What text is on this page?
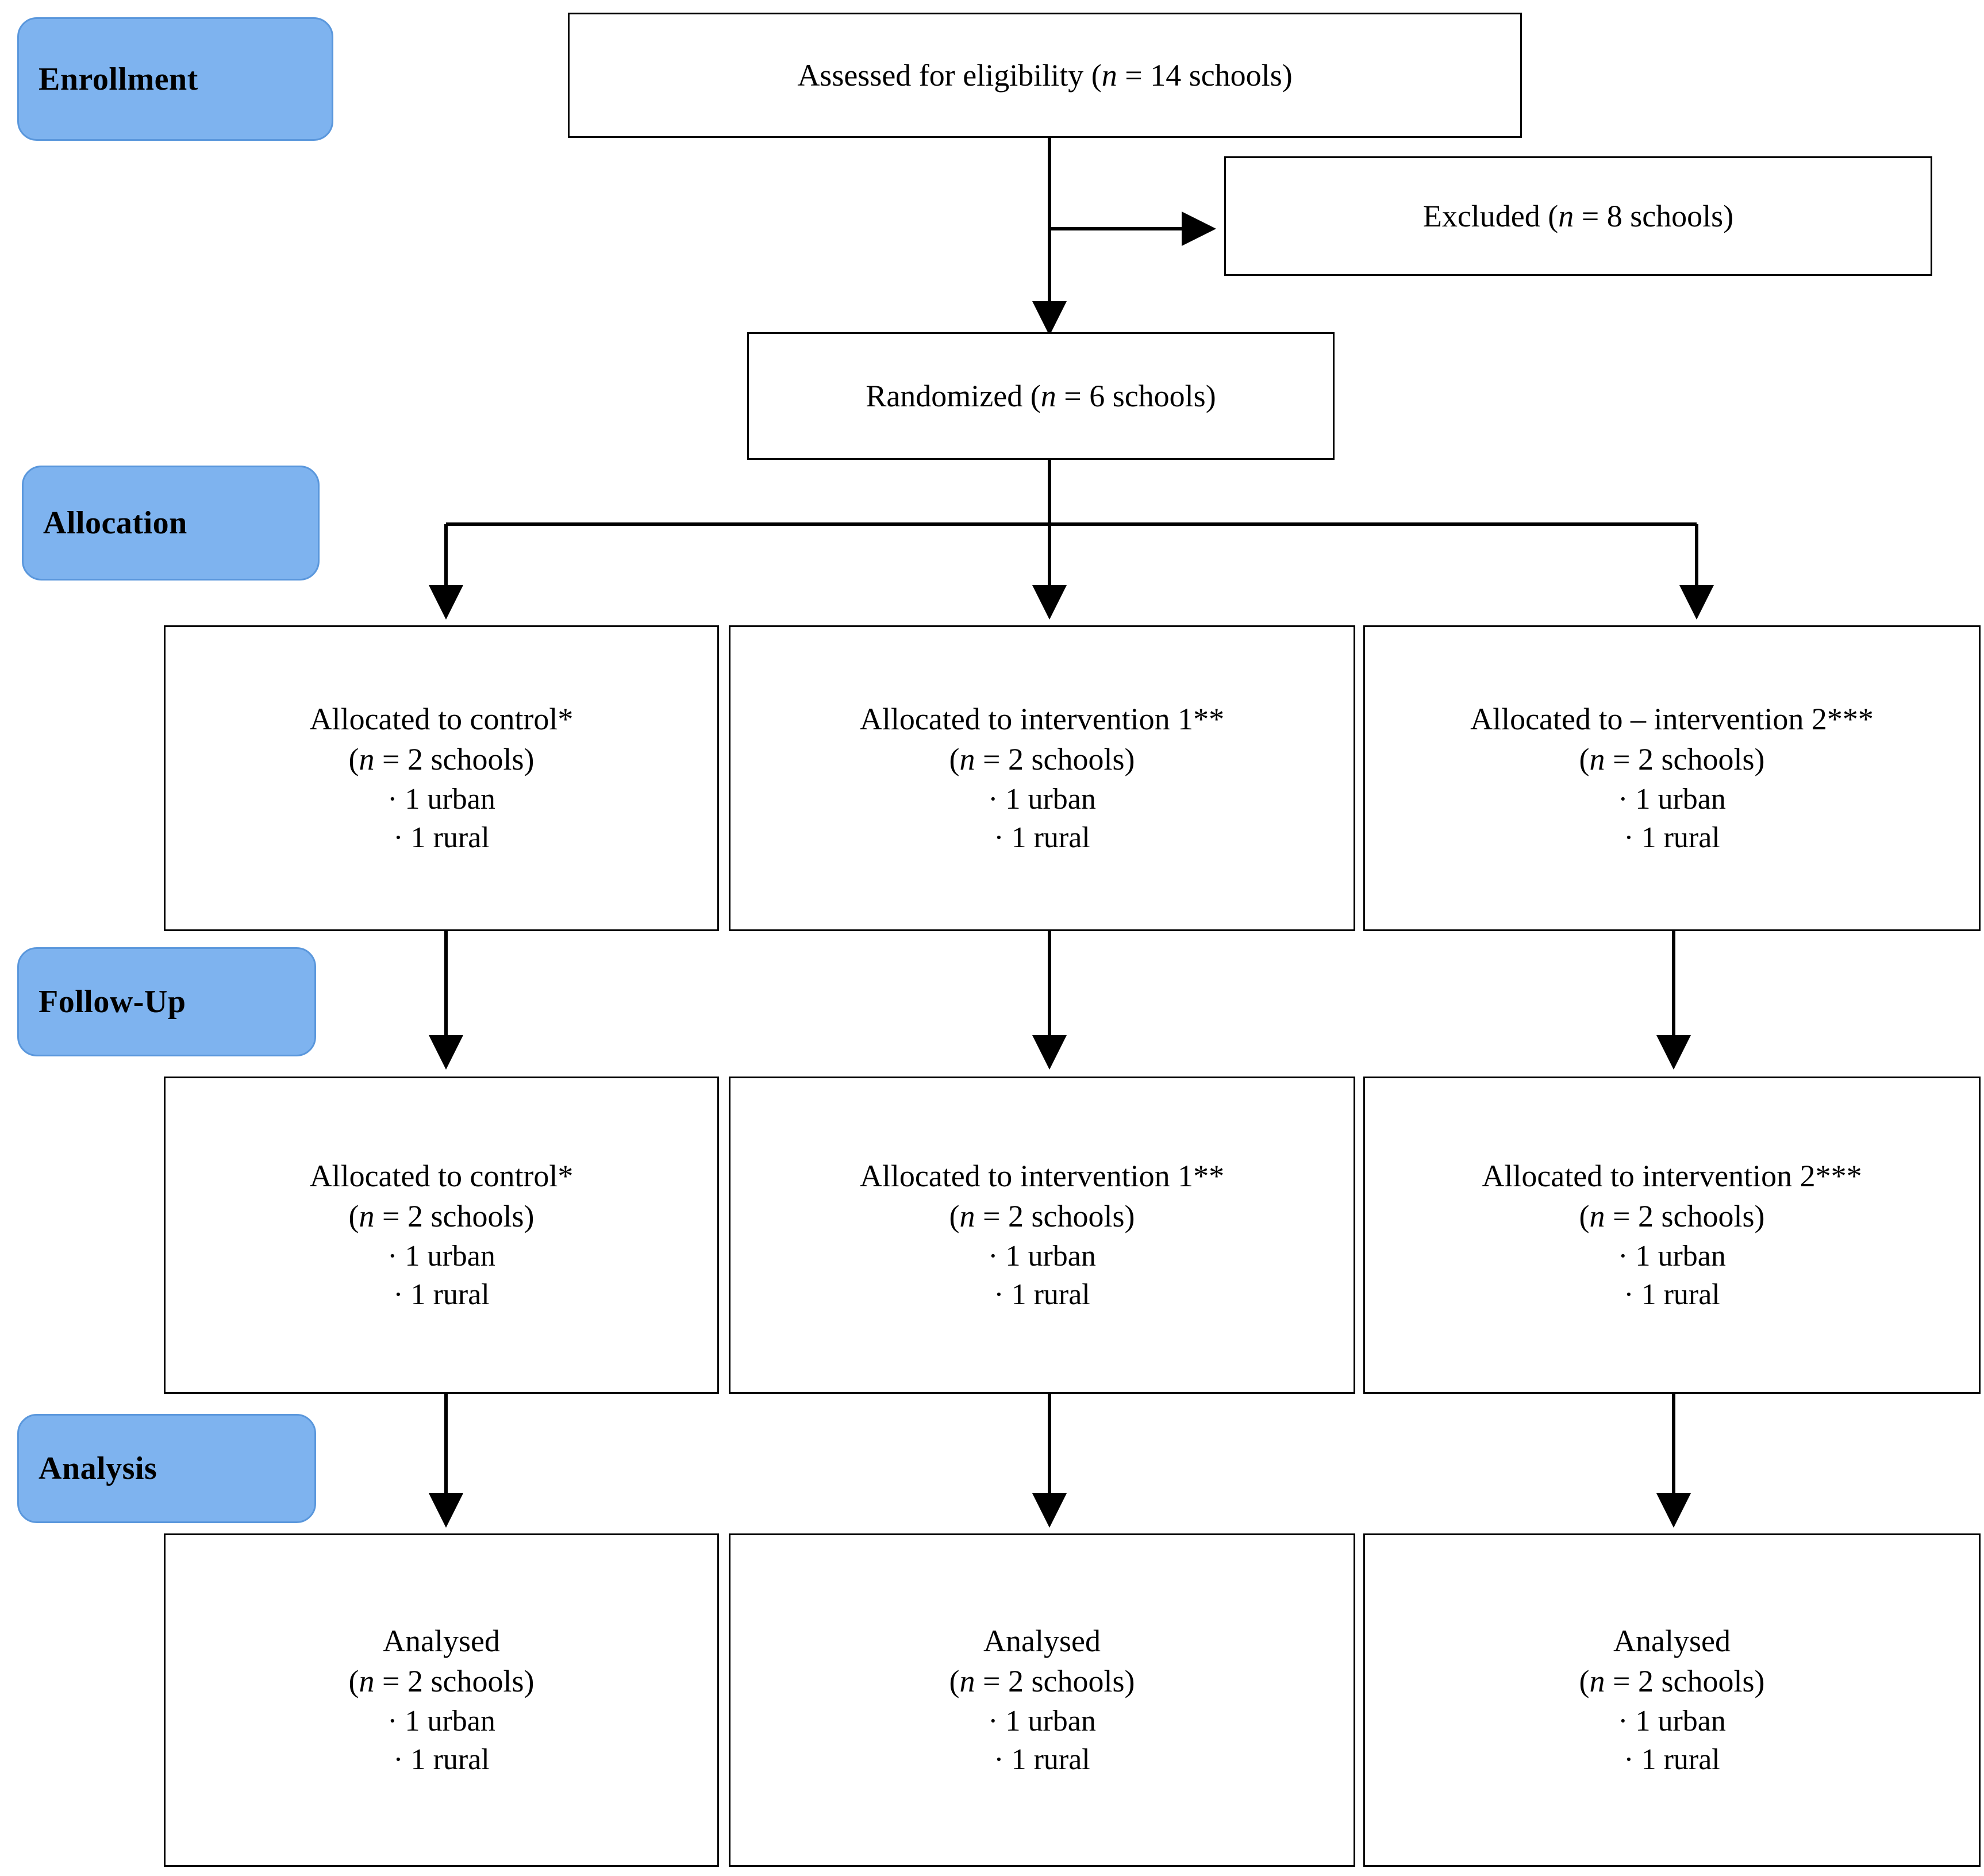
Enrollment
Allocation
Follow-Up
Analysis
Assessed for eligibility (n = 14 schools)
Excluded (n = 8 schools)
Randomized (n = 6 schools)
Allocated to control*
(n = 2 schools)
· 1 urban
· 1 rural
Allocated to intervention 1**
(n = 2 schools)
· 1 urban
· 1 rural
Allocated to – intervention 2***
(n = 2 schools)
· 1 urban
· 1 rural
Allocated to control*
(n = 2 schools)
· 1 urban
· 1 rural
Allocated to intervention 1**
(n = 2 schools)
· 1 urban
· 1 rural
Allocated to intervention 2***
(n = 2 schools)
· 1 urban
· 1 rural
Analysed
(n = 2 schools)
· 1 urban
· 1 rural
Analysed
(n = 2 schools)
· 1 urban
· 1 rural
Analysed
(n = 2 schools)
· 1 urban
· 1 rural
